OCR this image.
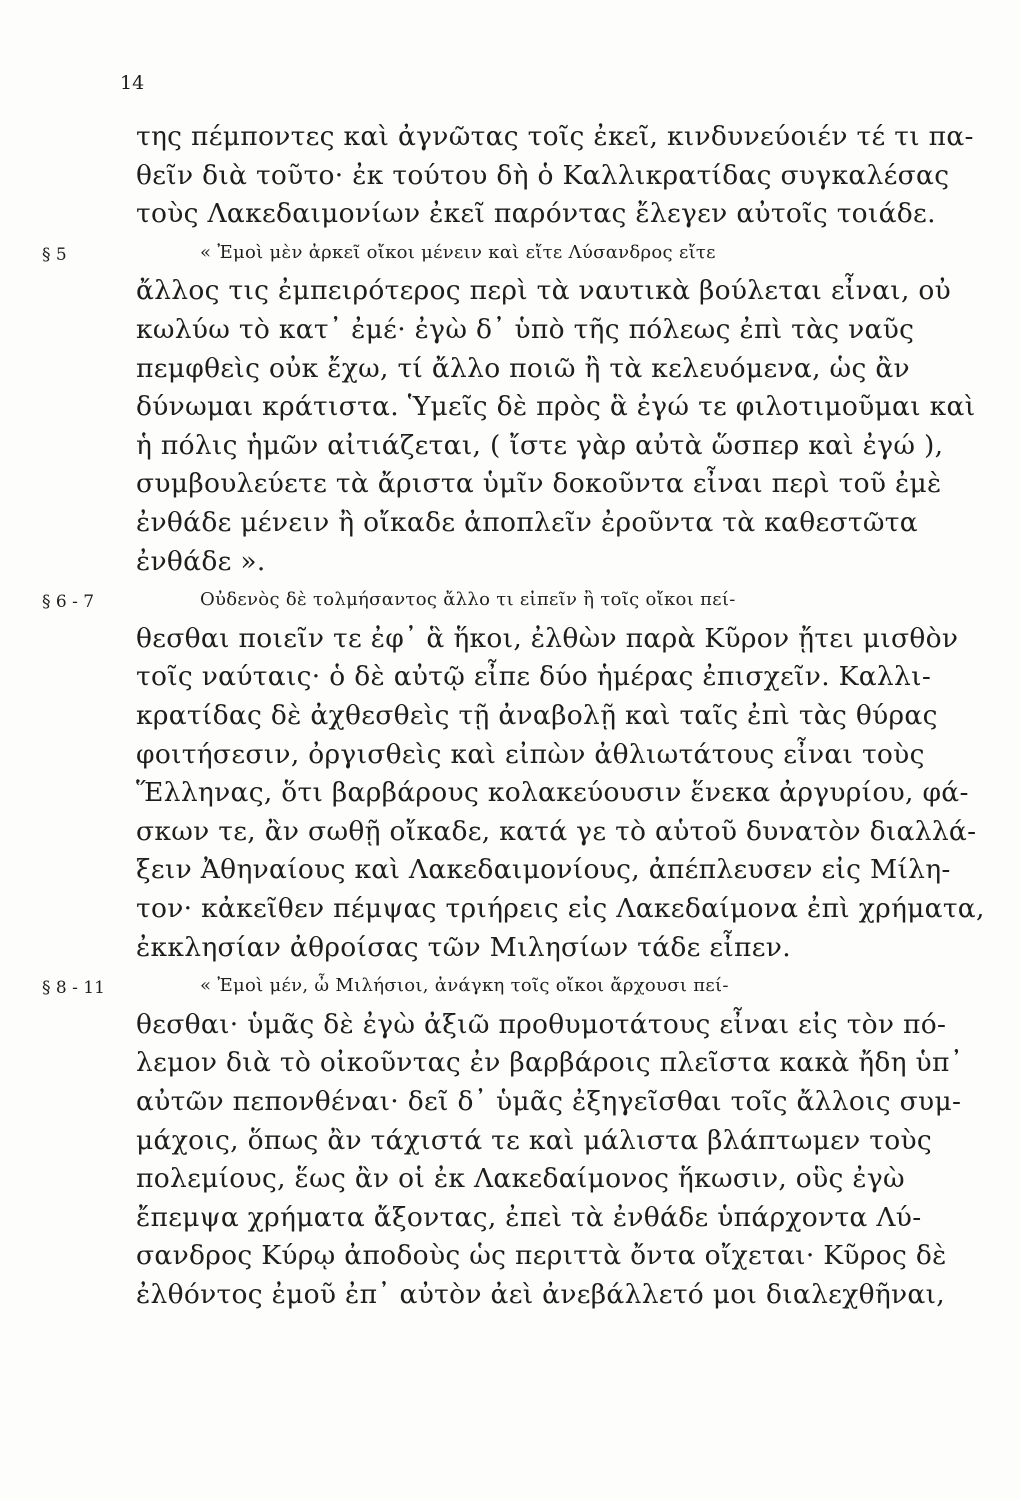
14
της πέμποντες καὶ ἀγνῶτας τοῖς ἐκεῖ, κινδυνεύοιέν τέ τι πα-
θεῖν διὰ τοῦτο· ἐκ τούτου δὴ ὁ Καλλικρατίδας συγκαλέσας
τοὺς Λακεδαιμονίων ἐκεῖ παρόντας ἔλεγεν αὐτοῖς τοιάδε.
« Ἐμοὶ μὲν ἀρκεῖ οἴκοι μένειν καὶ εἴτε Λύσανδρος εἴτε
ἄλλος τις ἐμπειρότερος περὶ τὰ ναυτικὰ βούλεται εἶναι, οὐ
κωλύω τὸ κατ᾿ ἐμέ· ἐγὼ δ᾿ ὑπὸ τῆς πόλεως ἐπὶ τὰς ναῦς
πεμφθεὶς οὐκ ἔχω, τί ἄλλο ποιῶ ἢ τὰ κελευόμενα, ὡς ἂν
δύνωμαι κράτιστα. Ὑμεῖς δὲ πρὸς ἃ ἐγώ τε φιλοτιμοῦμαι καὶ
ἡ πόλις ἡμῶν αἰτιάζεται, ( ἴστε γὰρ αὐτὰ ὥσπερ καὶ ἐγώ ),
συμβουλεύετε τὰ ἄριστα ὑμῖν δοκοῦντα εἶναι περὶ τοῦ ἐμὲ
ἐνθάδε μένειν ἢ οἴκαδε ἀποπλεῖν ἐροῦντα τὰ καθεστῶτα
ἐνθάδε ».
Οὐδενὸς δὲ τολμήσαντος ἄλλο τι εἰπεῖν ἢ τοῖς οἴκοι πεί-
θεσθαι ποιεῖν τε ἐφ᾿ ἃ ἥκοι, ἐλθὼν παρὰ Κῦρον ᾔτει μισθὸν
τοῖς ναύταις· ὁ δὲ αὐτῷ εἶπε δύο ἡμέρας ἐπισχεῖν. Καλλι-
κρατίδας δὲ ἀχθεσθεὶς τῇ ἀναβολῇ καὶ ταῖς ἐπὶ τὰς θύρας
φοιτήσεσιν, ὀργισθεὶς καὶ εἰπὼν ἀθλιωτάτους εἶναι τοὺς
Ἕλληνας, ὅτι βαρβάρους κολακεύουσιν ἕνεκα ἀργυρίου, φά-
σκων τε, ἂν σωθῇ οἴκαδε, κατά γε τὸ αὑτοῦ δυνατὸν διαλλά-
ξειν Ἀθηναίους καὶ Λακεδαιμονίους, ἀπέπλευσεν εἰς Μίλη-
τον· κἀκεῖθεν πέμψας τριήρεις εἰς Λακεδαίμονα ἐπὶ χρήματα,
ἐκκλησίαν ἀθροίσας τῶν Μιλησίων τάδε εἶπεν.
« Ἐμοὶ μέν, ὦ Μιλήσιοι, ἀνάγκη τοῖς οἴκοι ἄρχουσι πεί-
θεσθαι· ὑμᾶς δὲ ἐγὼ ἀξιῶ προθυμοτάτους εἶναι εἰς τὸν πό-
λεμον διὰ τὸ οἰκοῦντας ἐν βαρβάροις πλεῖστα κακὰ ἤδη ὑπ᾿
αὐτῶν πεπονθέναι· δεῖ δ᾿ ὑμᾶς ἐξηγεῖσθαι τοῖς ἄλλοις συμ-
μάχοις, ὅπως ἂν τάχιστά τε καὶ μάλιστα βλάπτωμεν τοὺς
πολεμίους, ἕως ἂν οἱ ἐκ Λακεδαίμονος ἥκωσιν, οὓς ἐγὼ
ἔπεμψα χρήματα ἄξοντας, ἐπεὶ τὰ ἐνθάδε ὑπάρχοντα Λύ-
σανδρος Κύρῳ ἀποδοὺς ὡς περιττὰ ὄντα οἴχεται· Κῦρος δὲ
ἐλθόντος ἐμοῦ ἐπ᾿ αὐτὸν ἀεὶ ἀνεβάλλετό μοι διαλεχθῆναι,
§ 5
§ 6 - 7
§ 8 - 11
